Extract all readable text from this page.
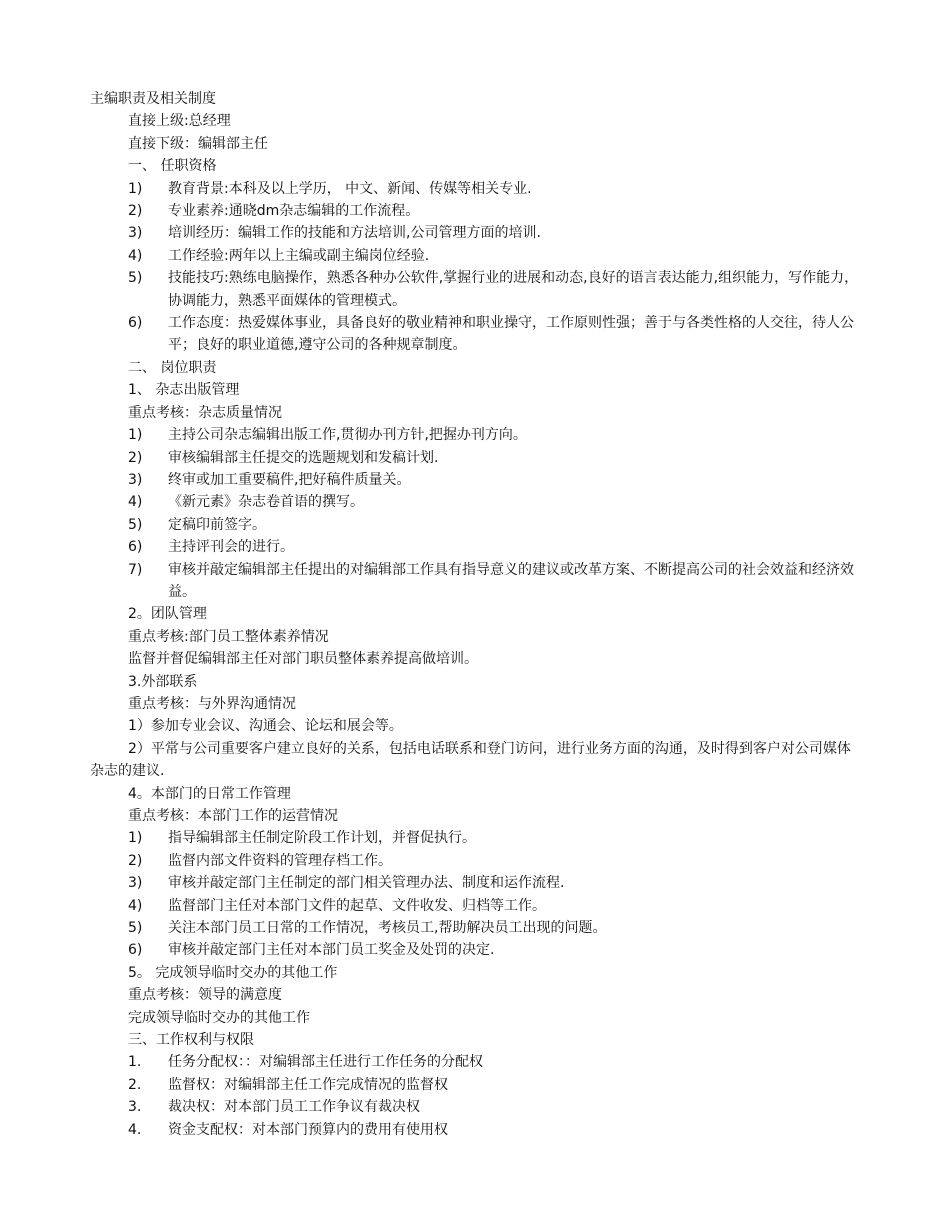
主编职责及相关制度
直接上级:总经理
直接下级：编辑部主任
一、 任职资格
1) 教育背景:本科及以上学历， 中文、新闻、传媒等相关专业.
2) 专业素养:通晓dm杂志编辑的工作流程。
3) 培训经历：编辑工作的技能和方法培训,公司管理方面的培训.
4) 工作经验:两年以上主编或副主编岗位经验.
5) 技能技巧:熟练电脑操作，熟悉各种办公软件,掌握行业的进展和动态,良好的语言表达能力,组织能力，写作能力，协调能力，熟悉平面媒体的管理模式。
6) 工作态度：热爱媒体事业，具备良好的敬业精神和职业操守，工作原则性强；善于与各类性格的人交往，待人公平；良好的职业道德,遵守公司的各种规章制度。
二、 岗位职责
1、 杂志出版管理
重点考核：杂志质量情况
1) 主持公司杂志编辑出版工作,贯彻办刊方针,把握办刊方向。
2) 审核编辑部主任提交的选题规划和发稿计划.
3) 终审或加工重要稿件,把好稿件质量关。
4) 《新元素》杂志卷首语的撰写。
5) 定稿印前签字。
6) 主持评刊会的进行。
7) 审核并敲定编辑部主任提出的对编辑部工作具有指导意义的建议或改革方案、不断提高公司的社会效益和经济效益。
2。团队管理
重点考核:部门员工整体素养情况
监督并督促编辑部主任对部门职员整体素养提高做培训。
3.外部联系
重点考核：与外界沟通情况
1）参加专业会议、沟通会、论坛和展会等。
2）平常与公司重要客户建立良好的关系，包括电话联系和登门访问，进行业务方面的沟通，及时得到客户对公司媒体杂志的建议.
4。本部门的日常工作管理
重点考核：本部门工作的运营情况
1) 指导编辑部主任制定阶段工作计划，并督促执行。
2) 监督内部文件资料的管理存档工作。
3) 审核并敲定部门主任制定的部门相关管理办法、制度和运作流程.
4) 监督部门主任对本部门文件的起草、文件收发、归档等工作。
5) 关注本部门员工日常的工作情况，考核员工,帮助解决员工出现的问题。
6) 审核并敲定部门主任对本部门员工奖金及处罚的决定.
5。 完成领导临时交办的其他工作
重点考核：领导的满意度
完成领导临时交办的其他工作
三、工作权利与权限
1. 任务分配权：：对编辑部主任进行工作任务的分配权
2. 监督权：对编辑部主任工作完成情况的监督权
3. 裁决权：对本部门员工工作争议有裁决权
4. 资金支配权：对本部门预算内的费用有使用权
